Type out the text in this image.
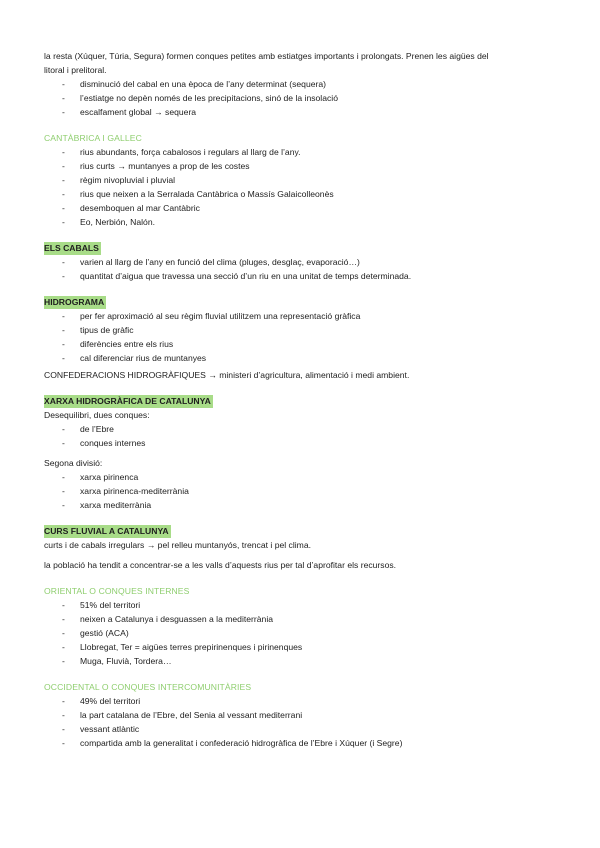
la resta (Xúquer, Túria, Segura) formen conques petites amb estiatges importants i prolongats. Prenen les aigües del

litoral i prelitoral.

- disminució del cabal en una època de l’any determinat (sequera)
- l’estiatge no depèn només de les precipitacions, sinó de la insolació
- escalfament global → sequera

CANTÀBRICA I GALLEC

- rius abundants, força cabalosos i regulars al llarg de l’any.
- rius curts → muntanyes a prop de les costes
- règim nivopluvial i pluvial
- rius que neixen a la Serralada Cantàbrica o Massís Galaicolleonès
- desemboquen al mar Cantàbric
- Eo, Nerbión, Nalón.
ELS CABALS
- varien al llarg de l’any en funció del clima (pluges, desglaç, evaporació…)
- quantitat d’aigua que travessa una secció d’un riu en una unitat de temps determinada.
HIDROGRAMA
- per fer aproximació al seu règim fluvial utilitzem una representació gràfica
- tipus de gràfic
- diferències entre els rius
- cal diferenciar rius de muntanyes

CONFEDERACIONS HIDROGRÀFIQUES → ministeri d’agricultura, alimentació i medi ambient.

XARXA HIDROGRÀFICA DE CATALUNYA

Desequilibri, dues conques:

- de l’Ebre
- conques internes

Segona divisió:

- xarxa pirinenca
- xarxa pirinenca-mediterrània
- xarxa mediterrània
CURS FLUVIAL A CATALUNYA

curts i de cabals irregulars → pel relleu muntanyós, trencat i pel clima.

la població ha tendit a concentrar-se a les valls d’aquests rius per tal d’aprofitar els recursos.

ORIENTAL O CONQUES INTERNES

- 51% del territori
- neixen a Catalunya i desguassen a la mediterrània
- gestió (ACA)
- Llobregat, Ter = aigües terres prepirinenques i pirinenques
- Muga, Fluvià, Tordera…

OCCIDENTAL O CONQUES INTERCOMUNITÀRIES

- 49% del territori
- la part catalana de l’Ebre, del Senia al vessant mediterrani
- vessant atlàntic
- compartida amb la generalitat i confederació hidrogràfica de l’Ebre i Xúquer (i Segre)
